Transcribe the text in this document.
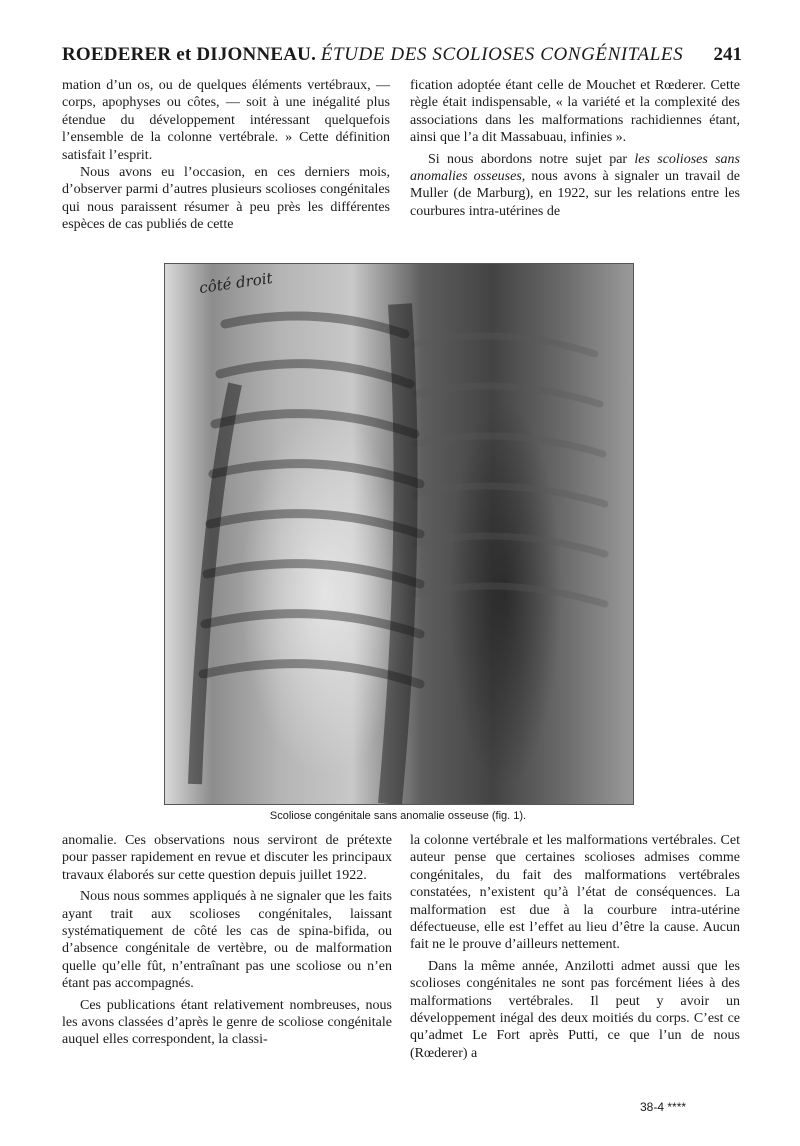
ROEDERER et DIJONNEAU. ÉTUDE DES SCOLIOSES CONGÉNITALES 241

mation d’un os, ou de quelques éléments vertébraux, — corps, apophyses ou côtes, — soit à une inégalité plus étendue du développement intéressant quelquefois l’ensemble de la colonne vertébrale. » Cette définition satisfait l’esprit.

Nous avons eu l’occasion, en ces derniers mois, d’observer parmi d’autres plusieurs scolioses congénitales qui nous paraissent résumer à peu près les différentes espèces de cas publiés de cette

fication adoptée étant celle de Mouchet et Rœderer. Cette règle était indispensable, « la variété et la complexité des associations dans les malformations rachidiennes étant, ainsi que l’a dit Massabuau, infinies ».

Si nous abordons notre sujet par les scolioses sans anomalies osseuses, nous avons à signaler un travail de Muller (de Marburg), en 1922, sur les relations entre les courbures intra-utérines de

côté droit
Scoliose congénitale sans anomalie osseuse (fig. 1).

anomalie. Ces observations nous serviront de prétexte pour passer rapidement en revue et discuter les principaux travaux élaborés sur cette question depuis juillet 1922.

Nous nous sommes appliqués à ne signaler que les faits ayant trait aux scolioses congénitales, laissant systématiquement de côté les cas de spina-bifida, ou d’absence congénitale de vertèbre, ou de malformation quelle qu’elle fût, n’entraînant pas une scoliose ou n’en étant pas accompagnés.

Ces publications étant relativement nombreuses, nous les avons classées d’après le genre de scoliose congénitale auquel elles correspondent, la classi-

la colonne vertébrale et les malformations vertébrales. Cet auteur pense que certaines scolioses admises comme congénitales, du fait des malformations vertébrales constatées, n’existent qu’à l’état de conséquences. La malformation est due à la courbure intra-utérine défectueuse, elle est l’effet au lieu d’être la cause. Aucun fait ne le prouve d’ailleurs nettement.

Dans la même année, Anzilotti admet aussi que les scolioses congénitales ne sont pas forcément liées à des malformations vertébrales. Il peut y avoir un développement inégal des deux moitiés du corps. C’est ce qu’admet Le Fort après Putti, ce que l’un de nous (Rœderer) a

38-4 ****
